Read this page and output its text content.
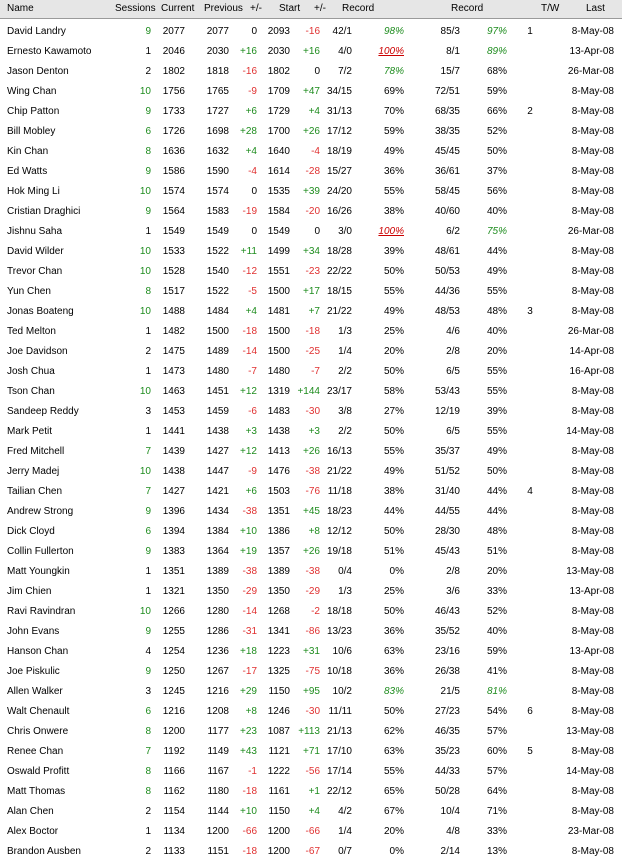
Name	Sessions Current Previous +/- Start +/- Record	Record	T/W	Last
David Landry	9	2077	2077	0	2093	-16	42/1	98%	85/3	97%	1	8-May-08
Ernesto Kawamoto	1	2046	2030	+16	2030	+16	4/0	100%	8/1	89%	13-Apr-08
Jason Denton	2	1802	1818	-16	1802	0	7/2	78%	15/7	68%	26-Mar-08
Wing Chan	10	1756	1765	-9	1709	+47 34/15	69%	72/51	59%	8-May-08
Chip Patton	9	1733	1727	+6	1729	+4 31/13	70%	68/35	66%	2	8-May-08
Bill Mobley	6	1726	1698	+28	1700	+26 17/12	59%	38/35	52%	8-May-08
Kin Chan	8	1636	1632	+4	1640	-4 18/19	49%	45/45	50%	8-May-08
Ed Watts	9	1586	1590	-4	1614	-28 15/27	36%	36/61	37%	8-May-08
Hok Ming Li	10	1574	1574	0	1535	+39 24/20	55%	58/45	56%	8-May-08
Cristian Draghici	9	1564	1583	-19	1584	-20 16/26	38%	40/60	40%	8-May-08
Jishnu Saha	1	1549	1549	0	1549	0	3/0	100%	6/2	75%	26-Mar-08
David Wilder	10	1533	1522	+11	1499	+34 18/28	39%	48/61	44%	8-May-08
Trevor Chan	10	1528	1540	-12	1551	-23 22/22	50%	50/53	49%	8-May-08
Yun Chen	8	1517	1522	-5	1500	+17 18/15	55%	44/36	55%	8-May-08
Jonas Boateng	10	1488	1484	+4	1481	+7 21/22	49%	48/53	48%	3	8-May-08
Ted Melton	1	1482	1500	-18	1500	-18	1/3	25%	4/6	40%	26-Mar-08
Joe Davidson	2	1475	1489	-14	1500	-25	1/4	20%	2/8	20%	14-Apr-08
Josh Chua	1	1473	1480	-7	1480	-7	2/2	50%	6/5	55%	16-Apr-08
Tson Chan	10	1463	1451	+12	1319 +144 23/17	58%	53/43	55%	8-May-08
Sandeep Reddy	3	1453	1459	-6	1483	-30	3/8	27%	12/19	39%	8-May-08
Mark Petit	1	1441	1438	+3	1438	+3	2/2	50%	6/5	55%	14-May-08
Fred Mitchell	7	1439	1427	+12	1413	+26 16/13	55%	35/37	49%	8-May-08
Jerry Madej	10	1438	1447	-9	1476	-38 21/22	49%	51/52	50%	8-May-08
Tailian Chen	7	1427	1421	+6	1503	-76 11/18	38%	31/40	44%	4	8-May-08
Andrew Strong	9	1396	1434	-38	1351	+45 18/23	44%	44/55	44%	8-May-08
Dick Cloyd	6	1394	1384	+10	1386	+8 12/12	50%	28/30	48%	8-May-08
Collin Fullerton	9	1383	1364	+19	1357	+26 19/18	51%	45/43	51%	8-May-08
Matt Youngkin	1	1351	1389	-38	1389	-38	0/4	0%	2/8	20%	13-May-08
Jim Chien	1	1321	1350	-29	1350	-29	1/3	25%	3/6	33%	13-Apr-08
Ravi Ravindran	10	1266	1280	-14	1268	-2 18/18	50%	46/43	52%	8-May-08
John Evans	9	1255	1286	-31	1341	-86 13/23	36%	35/52	40%	8-May-08
Hanson Chan	4	1254	1236	+18	1223	+31	10/6	63%	23/16	59%	13-Apr-08
Joe Piskulic	9	1250	1267	-17	1325	-75 10/18	36%	26/38	41%	8-May-08
Allen Walker	3	1245	1216	+29	1150	+95	10/2	83%	21/5	81%	8-May-08
Walt Chenault	6	1216	1208	+8	1246	-30 11/11	50%	27/23	54%	6	8-May-08
Chris Onwere	8	1200	1177	+23	1087 +113 21/13	62%	46/35	57%	13-May-08
Renee Chan	7	1192	1149	+43	1121	+71 17/10	63%	35/23	60%	5	8-May-08
Oswald Profitt	8	1166	1167	-1	1222	-56 17/14	55%	44/33	57%	14-May-08
Matt Thomas	8	1162	1180	-18	1161	+1 22/12	65%	50/28	64%	8-May-08
Alan Chen	2	1154	1144	+10	1150	+4	4/2	67%	10/4	71%	8-May-08
Alex Boctor	1	1134	1200	-66	1200	-66	1/4	20%	4/8	33%	23-Mar-08
Brandon Ausben	2	1133	1151	-18	1200	-67	0/7	0%	2/14	13%	8-May-08
